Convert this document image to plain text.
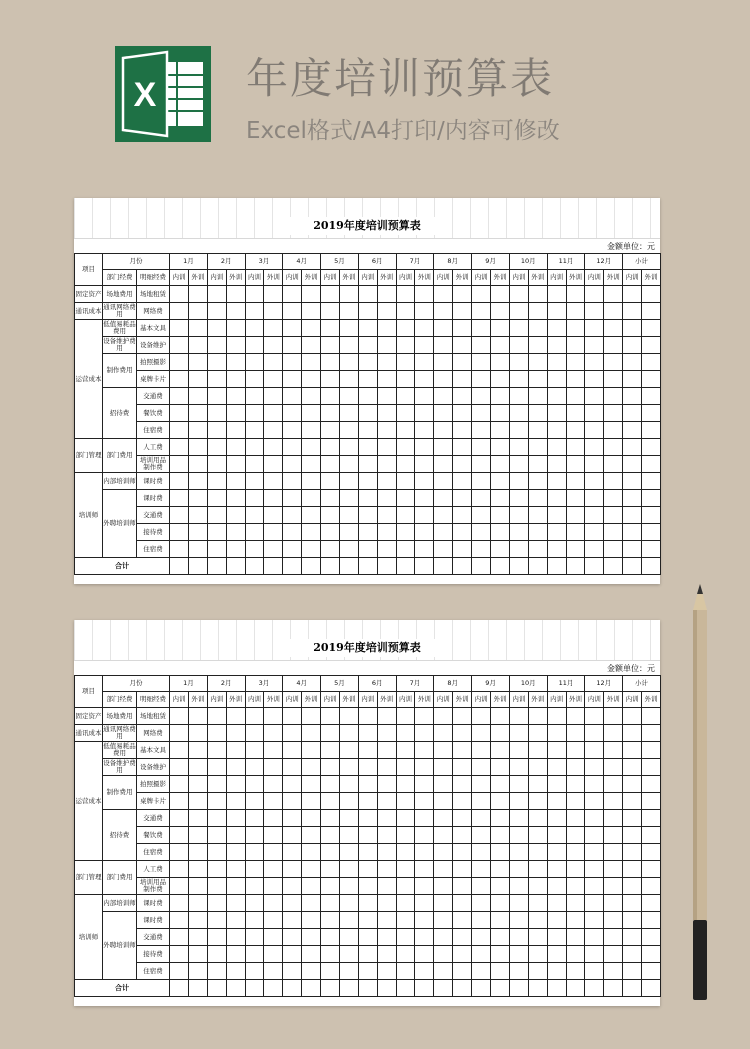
X 年度培训预算表
Excel格式/A4打印/内容可修改
2019年度培训预算表
金额单位：元
项目	月份		1月		2月		3月		4月		5月		6月		7月		8月		9月		10月		11月		12月		小计	
	部门经费	明细经费	内训	外训	内训	外训	内训	外训	内训	外训	内训	外训	内训	外训	内训	外训	内训	外训	内训	外训	内训	外训	内训	外训	内训	外训	内训	外训
固定资产	场地费用	场地租赁																										
通讯成本	通讯网络费用	网络费																										
运营成本	低值易耗品费用	基本文具																										
	设备维护费用	设备维护																										
	制作费用	拍照摄影																										
		桌牌卡片																										
	招待费	交通费																										
		餐饮费																										
		住宿费																										
部门管理	部门费用	人工费																										
		培训用品制作费																										
培训师	内部培训师	课时费																										
	外聘培训师	课时费																										
		交通费																										
		接待费																										
		住宿费																										
合计																												
2019年度培训预算表
金额单位：元
项目	月份		1月		2月		3月		4月		5月		6月		7月		8月		9月		10月		11月		12月		小计	
	部门经费	明细经费	内训	外训	内训	外训	内训	外训	内训	外训	内训	外训	内训	外训	内训	外训	内训	外训	内训	外训	内训	外训	内训	外训	内训	外训	内训	外训
固定资产	场地费用	场地租赁																										
通讯成本	通讯网络费用	网络费																										
运营成本	低值易耗品费用	基本文具																										
	设备维护费用	设备维护																										
	制作费用	拍照摄影																										
		桌牌卡片																										
	招待费	交通费																										
		餐饮费																										
		住宿费																										
部门管理	部门费用	人工费																										
		培训用品制作费																										
培训师	内部培训师	课时费																										
	外聘培训师	课时费																										
		交通费																										
		接待费																										
		住宿费																										
合计																												
